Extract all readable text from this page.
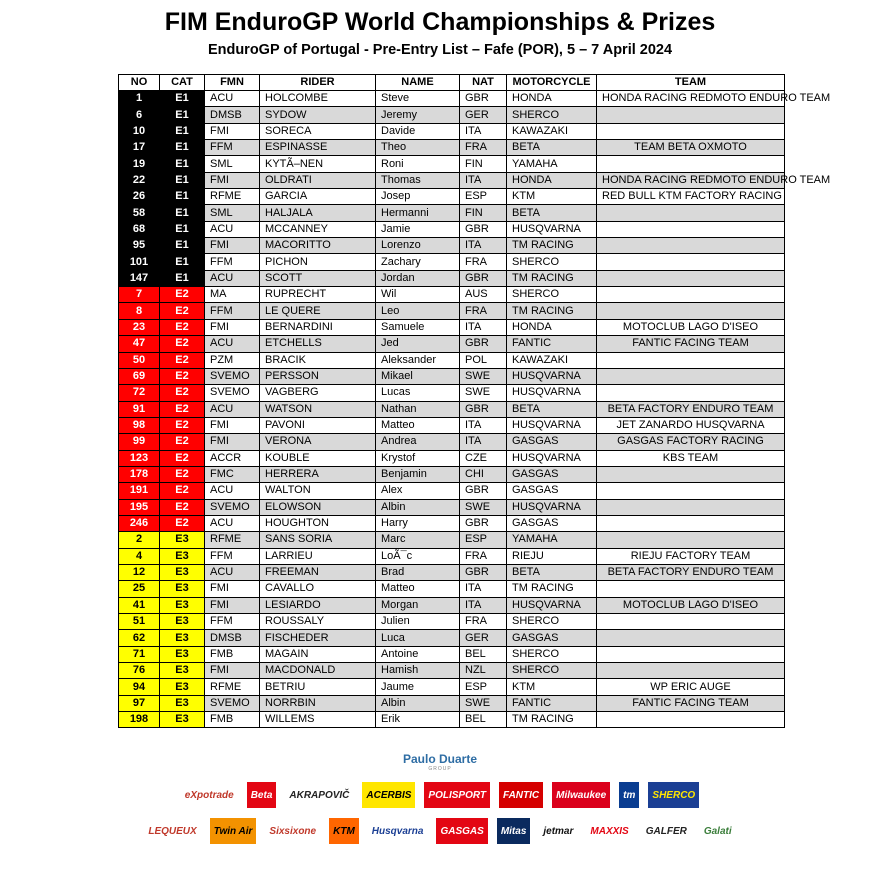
FIM EnduroGP World Championships & Prizes
EnduroGP of Portugal - Pre-Entry List – Fafe (POR), 5 – 7 April 2024
NO	CAT	FMN	RIDER	NAME	NAT	MOTORCYCLE	TEAM
1	E1	ACU	HOLCOMBE	Steve	GBR	HONDA	HONDA RACING REDMOTO ENDURO TEAM
6	E1	DMSB	SYDOW	Jeremy	GER	SHERCO	
10	E1	FMI	SORECA	Davide	ITA	KAWAZAKI	
17	E1	FFM	ESPINASSE	Theo	FRA	BETA	TEAM BETA OXMOTO
19	E1	SML	KYTÃ–NEN	Roni	FIN	YAMAHA	
22	E1	FMI	OLDRATI	Thomas	ITA	HONDA	HONDA RACING REDMOTO ENDURO TEAM
26	E1	RFME	GARCIA	Josep	ESP	KTM	RED BULL KTM FACTORY RACING
58	E1	SML	HALJALA	Hermanni	FIN	BETA	
68	E1	ACU	MCCANNEY	Jamie	GBR	HUSQVARNA	
95	E1	FMI	MACORITTO	Lorenzo	ITA	TM RACING	
101	E1	FFM	PICHON	Zachary	FRA	SHERCO	
147	E1	ACU	SCOTT	Jordan	GBR	TM RACING	
7	E2	MA	RUPRECHT	Wil	AUS	SHERCO	
8	E2	FFM	LE QUERE	Leo	FRA	TM RACING	
23	E2	FMI	BERNARDINI	Samuele	ITA	HONDA	MOTOCLUB LAGO D'ISEO
47	E2	ACU	ETCHELLS	Jed	GBR	FANTIC	FANTIC FACING TEAM
50	E2	PZM	BRACIK	Aleksander	POL	KAWAZAKI	
69	E2	SVEMO	PERSSON	Mikael	SWE	HUSQVARNA	
72	E2	SVEMO	VAGBERG	Lucas	SWE	HUSQVARNA	
91	E2	ACU	WATSON	Nathan	GBR	BETA	BETA FACTORY ENDURO TEAM
98	E2	FMI	PAVONI	Matteo	ITA	HUSQVARNA	JET ZANARDO HUSQVARNA
99	E2	FMI	VERONA	Andrea	ITA	GASGAS	GASGAS FACTORY RACING
123	E2	ACCR	KOUBLE	Krystof	CZE	HUSQVARNA	KBS TEAM
178	E2	FMC	HERRERA	Benjamin	CHI	GASGAS	
191	E2	ACU	WALTON	Alex	GBR	GASGAS	
195	E2	SVEMO	ELOWSON	Albin	SWE	HUSQVARNA	
246	E2	ACU	HOUGHTON	Harry	GBR	GASGAS	
2	E3	RFME	SANS SORIA	Marc	ESP	YAMAHA	
4	E3	FFM	LARRIEU	LoÃ¯c	FRA	RIEJU	RIEJU FACTORY TEAM
12	E3	ACU	FREEMAN	Brad	GBR	BETA	BETA FACTORY ENDURO TEAM
25	E3	FMI	CAVALLO	Matteo	ITA	TM RACING	
41	E3	FMI	LESIARDO	Morgan	ITA	HUSQVARNA	MOTOCLUB LAGO D'ISEO
51	E3	FFM	ROUSSALY	Julien	FRA	SHERCO	
62	E3	DMSB	FISCHEDER	Luca	GER	GASGAS	
71	E3	FMB	MAGAIN	Antoine	BEL	SHERCO	
76	E3	FMI	MACDONALD	Hamish	NZL	SHERCO	
94	E3	RFME	BETRIU	Jaume	ESP	KTM	WP ERIC AUGE
97	E3	SVEMO	NORRBIN	Albin	SWE	FANTIC	FANTIC FACING TEAM
198	E3	FMB	WILLEMS	Erik	BEL	TM RACING	
Paulo Duarte
GROUP
eXpotrade	Beta	AKRAPOVIČ	ACERBIS	POLISPORT	FANTIC	Milwaukee	tm	SHERCO
LEQUEUX	Twin Air	Sixsixone	KTM	Husqvarna	GASGAS	Mitas	jetmar	MAXXIS	GALFER	Galati
